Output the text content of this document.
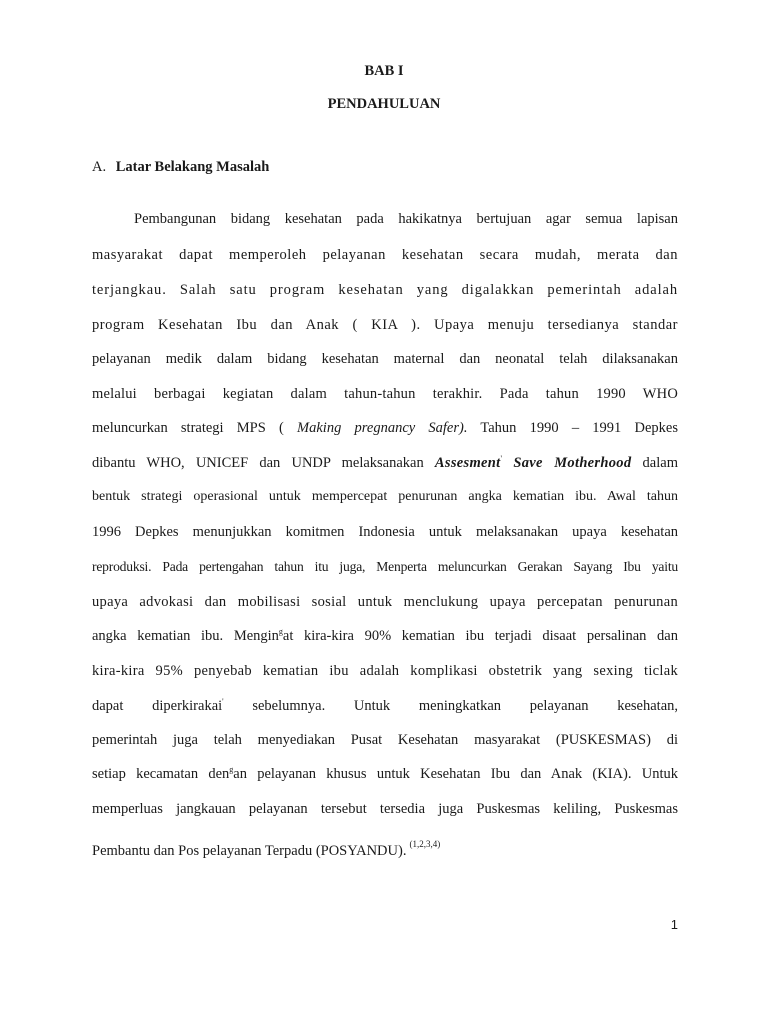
BAB I
PENDAHULUAN
A. Latar Belakang Masalah
Pembangunan bidang kesehatan pada hakikatnya bertujuan agar semua lapisan
masyarakat dapat memperoleh pelayanan kesehatan secara mudah, merata dan
terjangkau. Salah satu program kesehatan yang digalakkan pemerintah adalah
program Kesehatan Ibu dan Anak ( KIA ). Upaya menuju tersedianya standar
pelayanan medik dalam bidang kesehatan maternal dan neonatal telah dilaksanakan
melalui berbagai kegiatan dalam tahun-tahun terakhir. Pada tahun 1990 WHO
meluncurkan strategi MPS ( Making pregnancy Safer). Tahun 1990 – 1991 Depkes
dibantu WHO, UNICEF dan UNDP melaksanakan Assesment' Save Motherhood dalam
bentuk strategi operasional untuk mempercepat penurunan angka kematian ibu. Awal tahun
1996 Depkes menunjukkan komitmen Indonesia untuk melaksanakan upaya kesehatan
reproduksi. Pada pertengahan tahun itu juga, Menperta meluncurkan Gerakan Sayang Ibu yaitu
upaya advokasi dan mobilisasi sosial untuk menclukung upaya percepatan penurunan
angka kematian ibu. Mengin$^g$at kira-kira 90% kematian ibu terjadi disaat persalinan dan
kira-kira 95% penyebab kematian ibu adalah komplikasi obstetrik yang sexing ticlak
dapat diperkirakai' sebelumnya. Untuk meningkatkan pelayanan kesehatan,
pemerintah juga telah menyediakan Pusat Kesehatan masyarakat (PUSKESMAS) di
setiap kecamatan den$^g$an pelayanan khusus untuk Kesehatan Ibu dan Anak (KIA). Untuk
memperluas jangkauan pelayanan tersebut tersedia juga Puskesmas keliling, Puskesmas
Pembantu dan Pos pelayanan Terpadu (POSYANDU). $^{(1,2,3,4)}$
1
